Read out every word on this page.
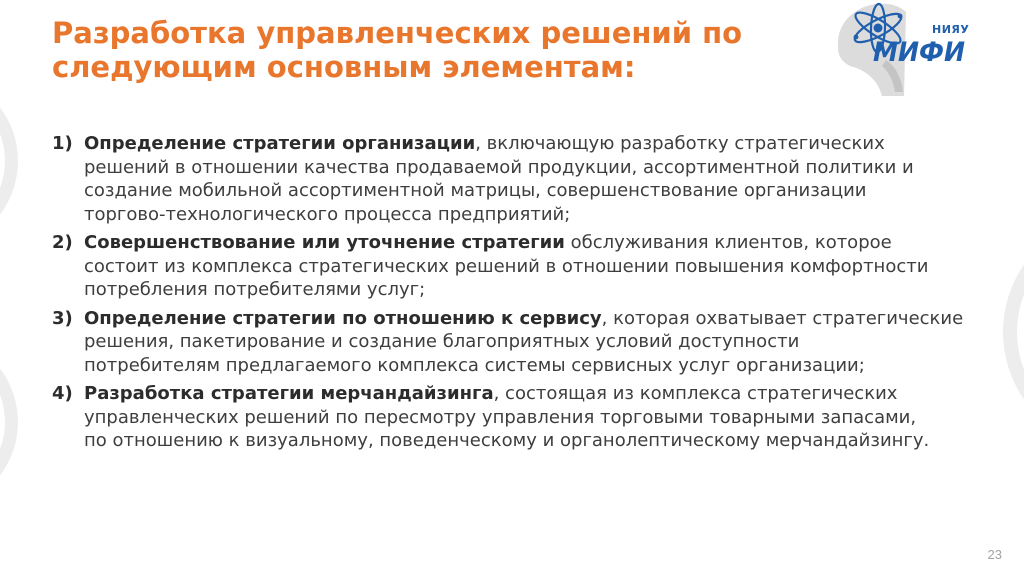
Разработка управленческих решений по
следующим основным элементам:
НИЯУ
МИФИ
1) Определение стратегии организации, включающую разработку стратегических
решений в отношении качества продаваемой продукции, ассортиментной политики и
создание мобильной ассортиментной матрицы, совершенствование организации
торгово-технологического процесса предприятий;
2) Совершенствование или уточнение стратегии обслуживания клиентов, которое
состоит из комплекса стратегических решений в отношении повышения комфортности
потребления потребителями услуг;
3) Определение стратегии по отношению к сервису, которая охватывает стратегические
решения, пакетирование и создание благоприятных условий доступности
потребителям предлагаемого комплекса системы сервисных услуг организации;
4) Разработка стратегии мерчандайзинга, состоящая из комплекса стратегических
управленческих решений по пересмотру управления торговыми товарными запасами,
по отношению к визуальному, поведенческому и органолептическому мерчандайзингу.
23
